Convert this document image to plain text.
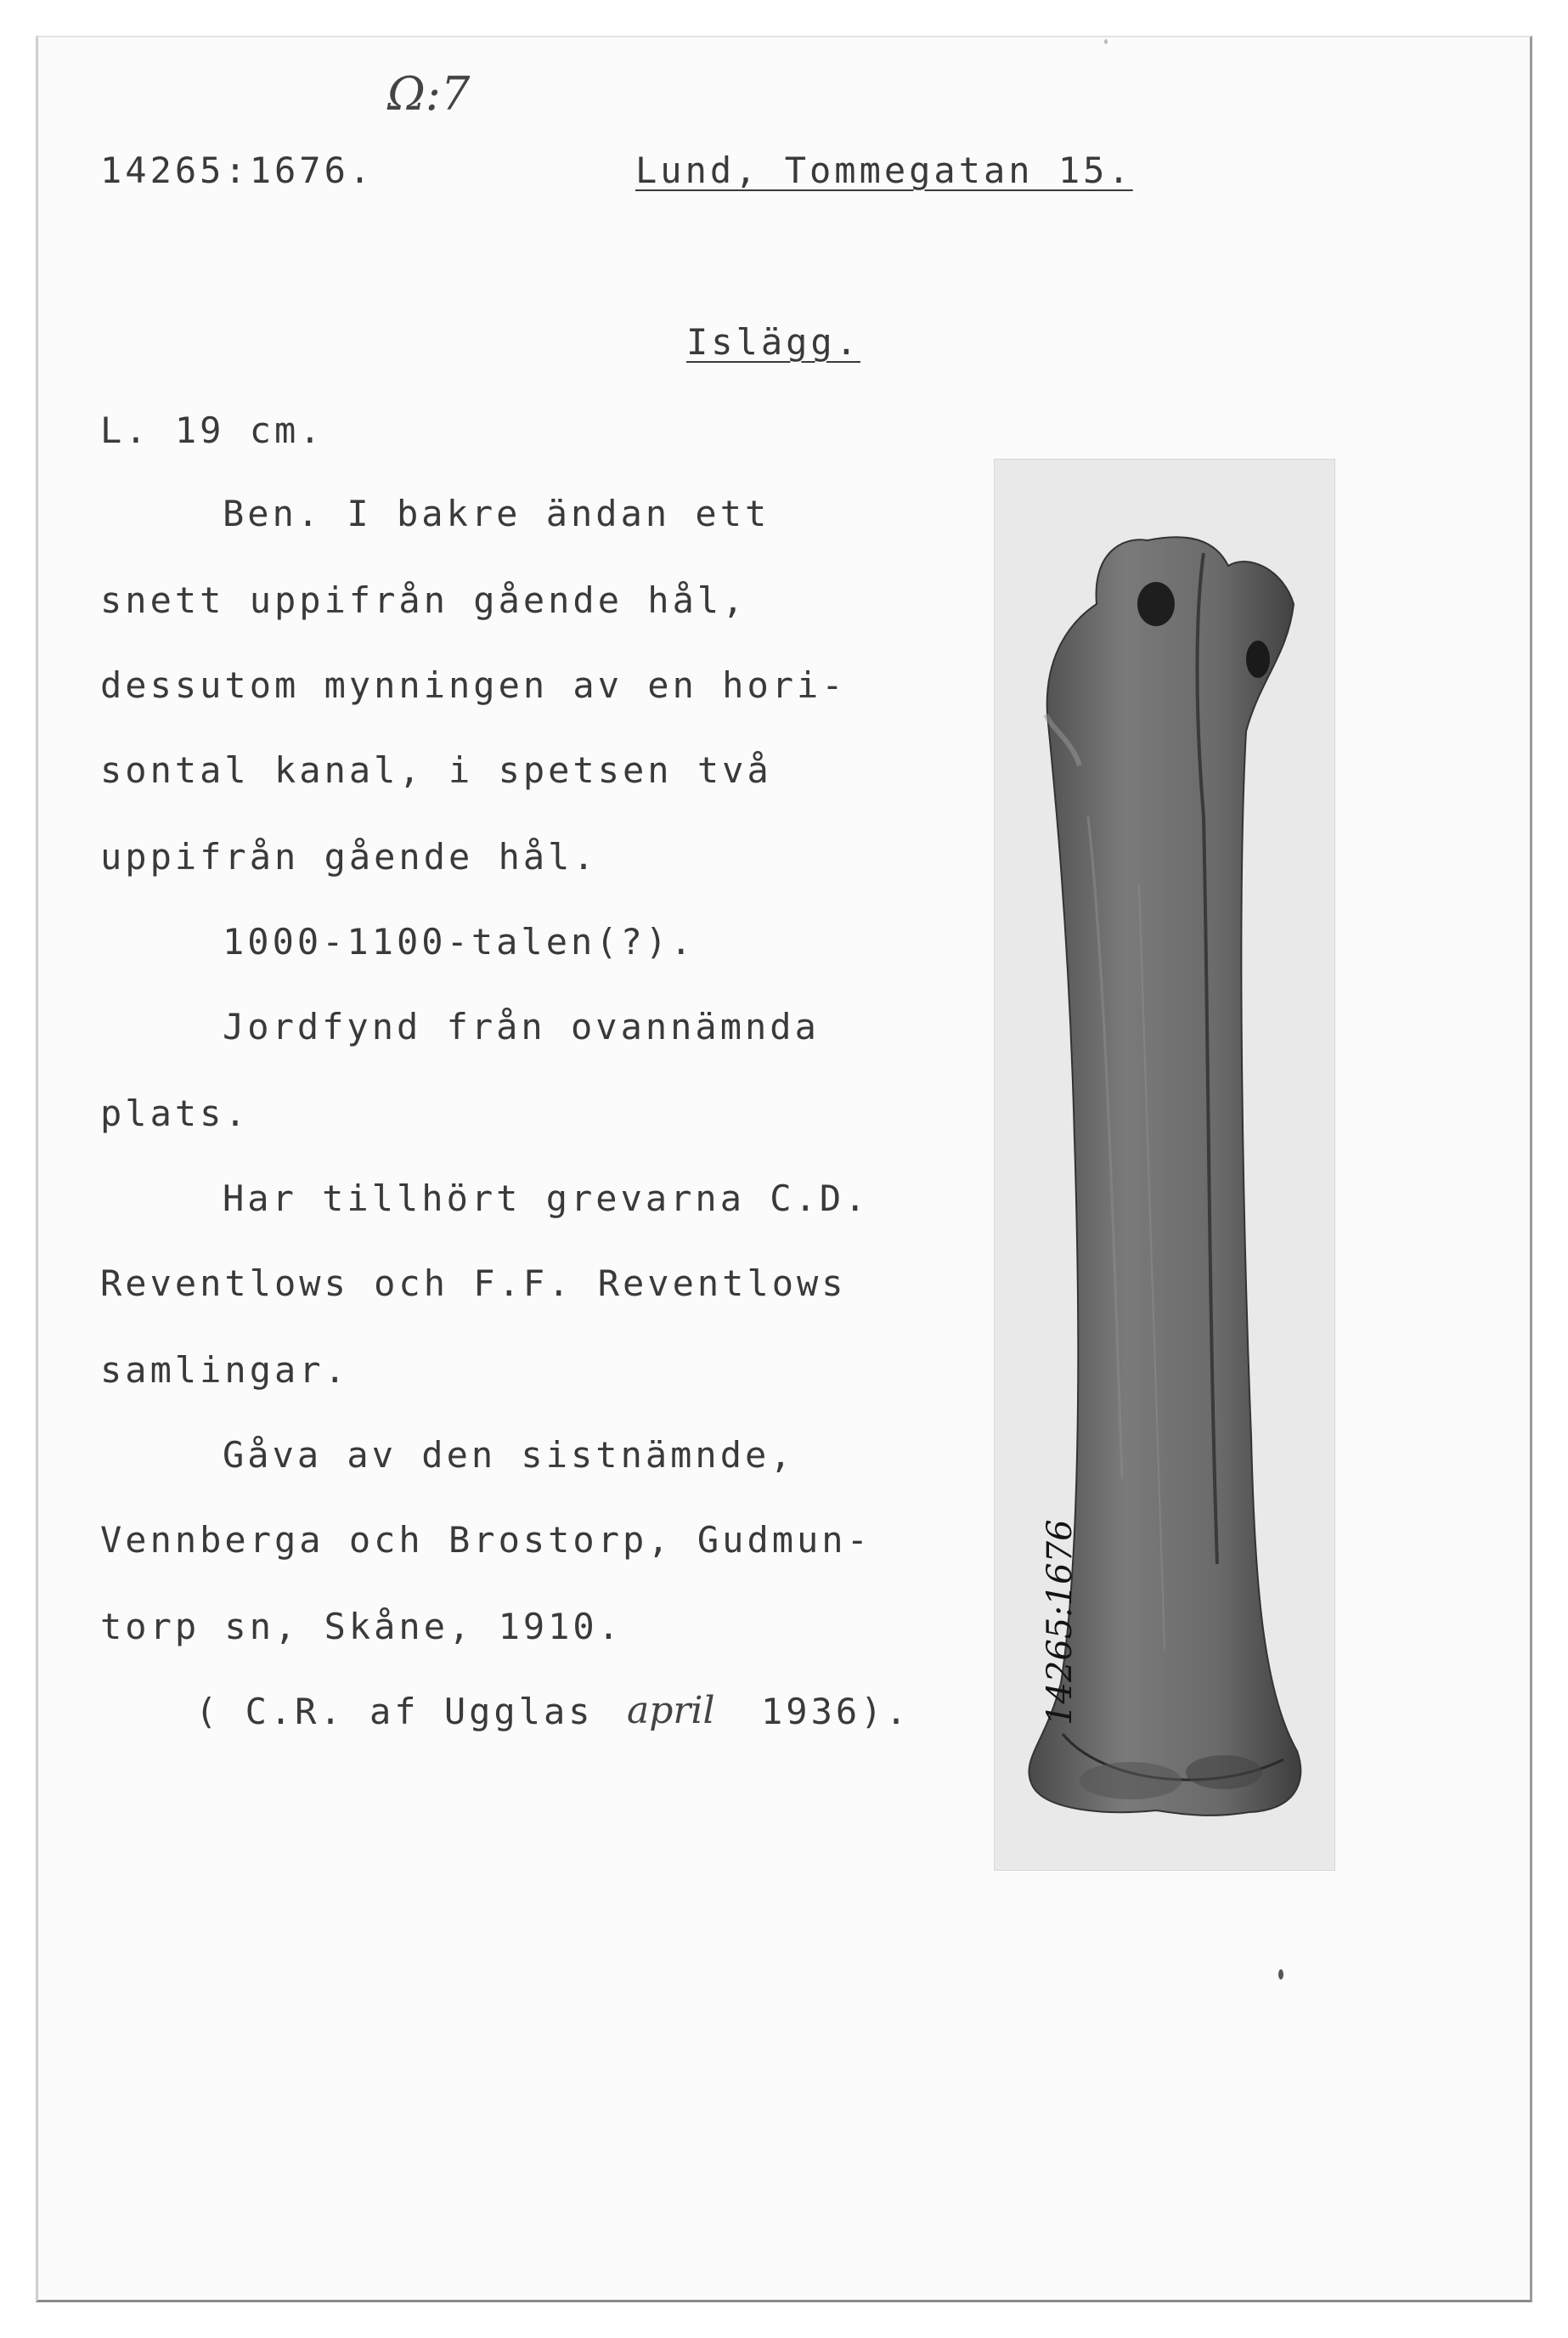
Ω:7
14265:1676.	Lund, Tommegatan 15.
Islägg.
L. 19 cm.
Ben. I bakre ändan ett
snett uppifrån gående hål,
dessutom mynningen av en hori-
sontal kanal, i spetsen två
uppifrån gående hål.
1000-1100-talen(?).
Jordfynd från ovannämnda
plats.
Har tillhört grevarna C.D.
Reventlows och F.F. Reventlows
samlingar.
Gåva av den sistnämnde,
Vennberga och Brostorp, Gudmun-
torp sn, Skåne, 1910.
( C.R. af Ugglas april 1936).	14265:1676
